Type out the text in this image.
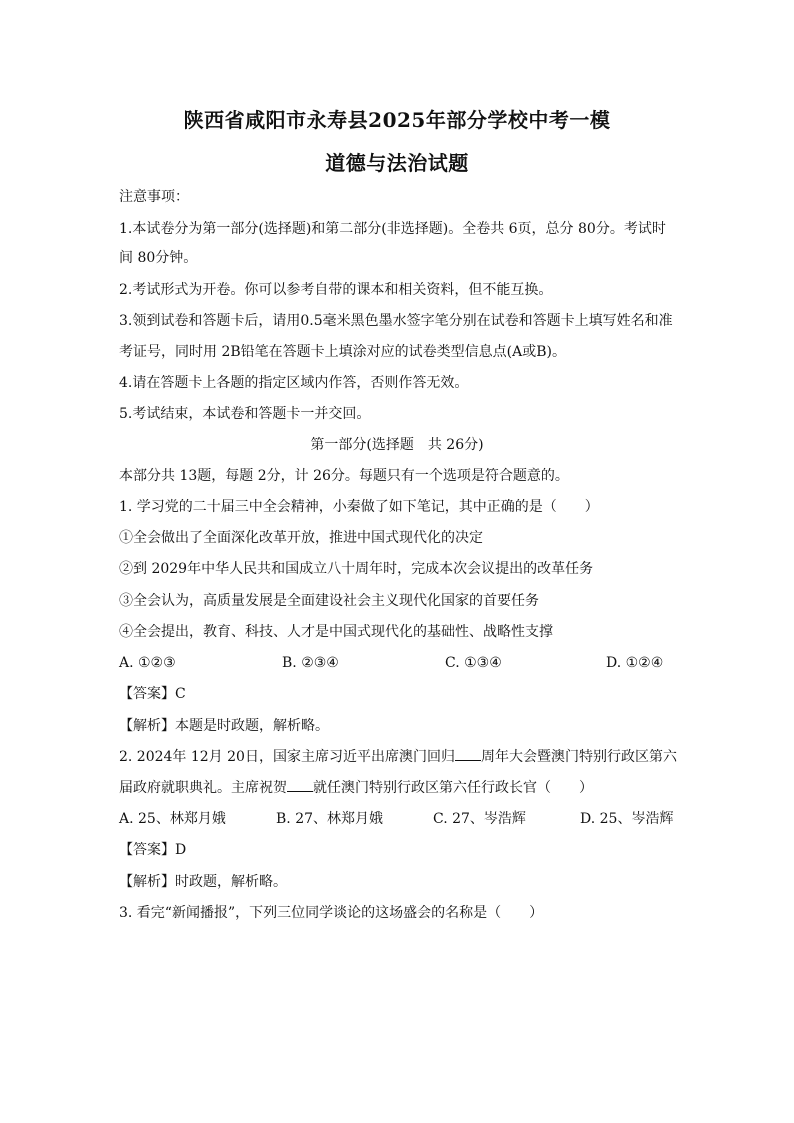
陕西省咸阳市永寿县2025年部分学校中考一模
道德与法治试题
注意事项：
1.本试卷分为第一部分(选择题)和第二部分(非选择题)。全卷共 6页，总分 80分。考试时
间 80分钟。
2.考试形式为开卷。你可以参考自带的课本和相关资料，但不能互换。
3.领到试卷和答题卡后，请用0.5毫米黑色墨水签字笔分别在试卷和答题卡上填写姓名和准
考证号，同时用 2B铅笔在答题卡上填涂对应的试卷类型信息点(A或B)。
4.请在答题卡上各题的指定区域内作答，否则作答无效。
5.考试结束，本试卷和答题卡一并交回。
第一部分(选择题　共 26分)
本部分共 13题，每题 2分，计 26分。每题只有一个选项是符合题意的。
1. 学习党的二十届三中全会精神，小秦做了如下笔记，其中正确的是（　　）
①全会做出了全面深化改革开放，推进中国式现代化的决定
②到 2029年中华人民共和国成立八十周年时，完成本次会议提出的改革任务
③全会认为，高质量发展是全面建设社会主义现代化国家的首要任务
④全会提出，教育、科技、人才是中国式现代化的基础性、战略性支撑
A. ①②③	B. ②③④	C. ①③④	D. ①②④
【答案】C
【解析】本题是时政题，解析略。
2. 2024年 12月 20日，国家主席习近平出席澳门回归 周年大会暨澳门特别行政区第六
届政府就职典礼。主席祝贺 就任澳门特别行政区第六任行政长官（　　）
A. 25、林郑月娥	B. 27、林郑月娥	C. 27、岑浩辉	D. 25、岑浩辉
【答案】D
【解析】时政题，解析略。
3. 看完“新闻播报”，下列三位同学谈论的这场盛会的名称是（　　）
